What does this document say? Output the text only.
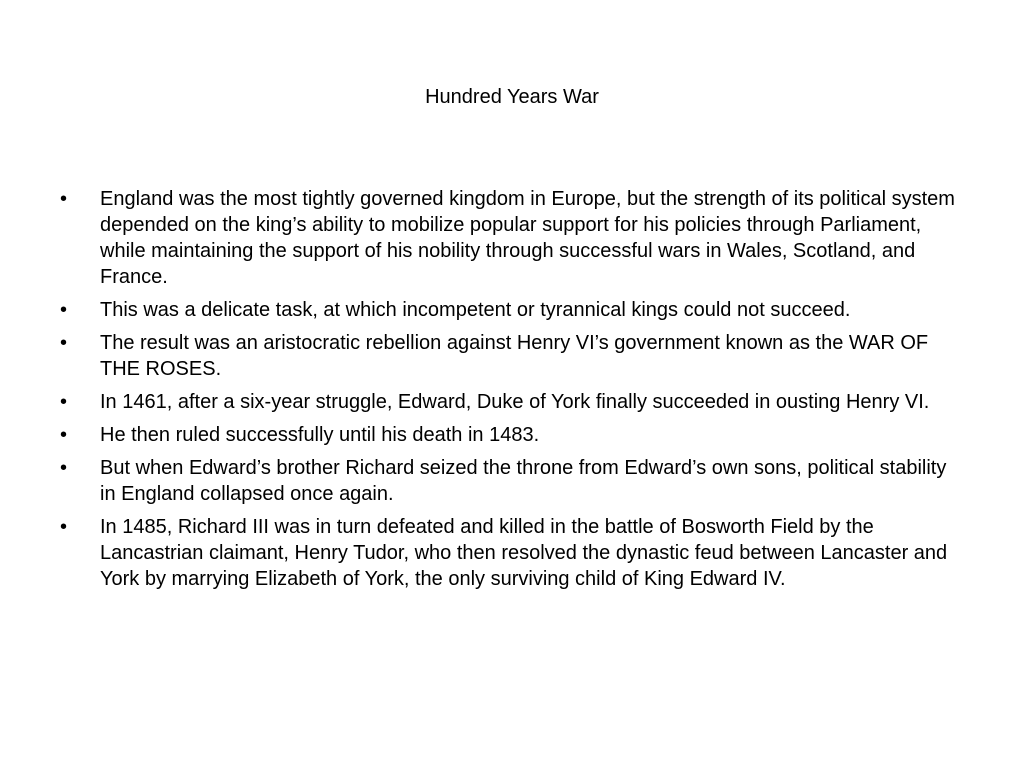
Hundred Years War
•	England was the most tightly governed kingdom in Europe, but the strength of its political system depended on the king’s ability to mobilize popular support for his policies through Parliament, while maintaining the support of his nobility through successful wars in Wales, Scotland, and France.
•	This was a delicate task, at which incompetent or tyrannical kings could not succeed.
•	The result was an aristocratic rebellion against Henry VI’s government known as the WAR OF THE ROSES.
•	In 1461, after a six-year struggle, Edward, Duke of York finally succeeded in ousting Henry VI.
•	He then ruled successfully until his death in 1483.
•	But when Edward’s brother Richard seized the throne from Edward’s own sons, political stability in England collapsed once again.
•	In 1485, Richard III was in turn defeated and killed in the battle of Bosworth Field by the Lancastrian claimant, Henry Tudor, who then resolved the dynastic feud between Lancaster and York by marrying Elizabeth of York, the only surviving child of King Edward IV.
